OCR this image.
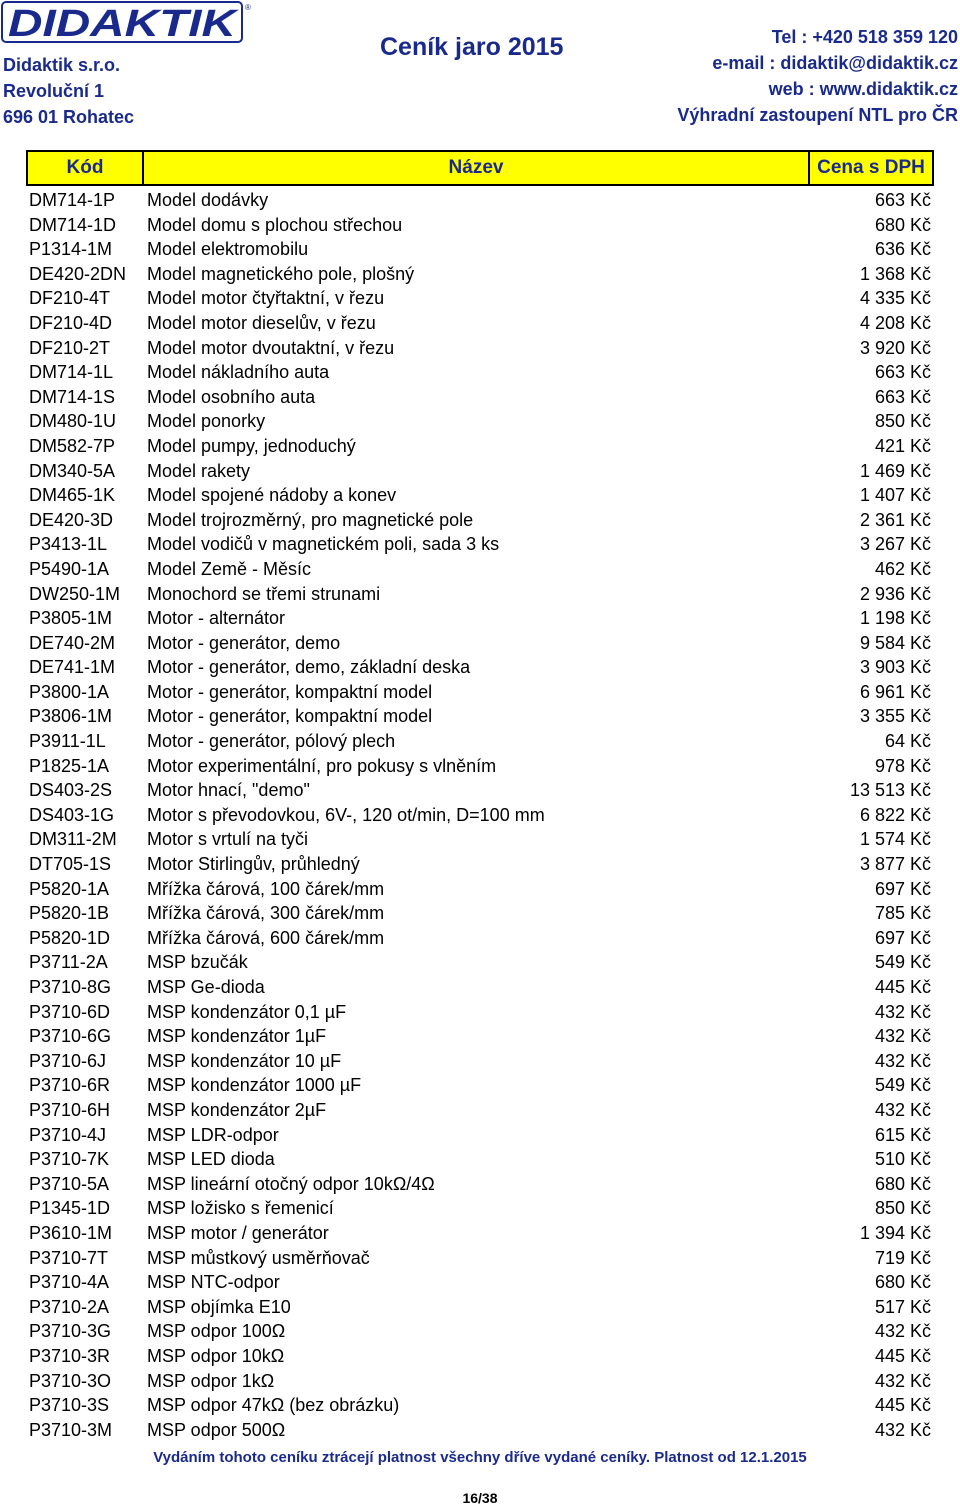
DIDAKTIK ®
Didaktik s.r.o.
Revoluční 1
696 01 Rohatec
Ceník jaro 2015	Tel : +420 518 359 120
e-mail : didaktik@didaktik.cz
web : www.didaktik.cz
Výhradní zastoupení NTL pro ČR
Kód	Název	Cena s DPH
DM714-1P Model dodávky	663 Kč
DM714-1D Model domu s plochou střechou	680 Kč
P1314-1M Model elektromobilu	636 Kč
DE420-2DN Model magnetického pole, plošný	1 368 Kč
DF210-4T Model motor čtyřtaktní, v řezu	4 335 Kč
DF210-4D Model motor dieselův, v řezu	4 208 Kč
DF210-2T Model motor dvoutaktní, v řezu	3 920 Kč
DM714-1L Model nákladního auta	663 Kč
DM714-1S Model osobního auta	663 Kč
DM480-1U Model ponorky	850 Kč
DM582-7P Model pumpy, jednoduchý	421 Kč
DM340-5A Model rakety	1 469 Kč
DM465-1K Model spojené nádoby a konev	1 407 Kč
DE420-3D Model trojrozměrný, pro magnetické pole	2 361 Kč
P3413-1L Model vodičů v magnetickém poli, sada 3 ks	3 267 Kč
P5490-1A Model Země - Měsíc	462 Kč
DW250-1M Monochord se třemi strunami	2 936 Kč
P3805-1M Motor - alternátor	1 198 Kč
DE740-2M Motor - generátor, demo	9 584 Kč
DE741-1M Motor - generátor, demo, základní deska	3 903 Kč
P3800-1A Motor - generátor, kompaktní model	6 961 Kč
P3806-1M Motor - generátor, kompaktní model	3 355 Kč
P3911-1L Motor - generátor, pólový plech	64 Kč
P1825-1A Motor experimentální, pro pokusy s vlněním	978 Kč
DS403-2S Motor hnací, "demo"	13 513 Kč
DS403-1G Motor s převodovkou, 6V-, 120 ot/min, D=100 mm	6 822 Kč
DM311-2M Motor s vrtulí na tyči	1 574 Kč
DT705-1S Motor Stirlingův, průhledný	3 877 Kč
P5820-1A Mřížka čárová, 100 čárek/mm	697 Kč
P5820-1B Mřížka čárová, 300 čárek/mm	785 Kč
P5820-1D Mřížka čárová, 600 čárek/mm	697 Kč
P3711-2A MSP bzučák	549 Kč
P3710-8G MSP Ge-dioda	445 Kč
P3710-6D MSP kondenzátor 0,1 µF	432 Kč
P3710-6G MSP kondenzátor 1µF	432 Kč
P3710-6J MSP kondenzátor 10 µF	432 Kč
P3710-6R MSP kondenzátor 1000 µF	549 Kč
P3710-6H MSP kondenzátor 2µF	432 Kč
P3710-4J MSP LDR-odpor	615 Kč
P3710-7K MSP LED dioda	510 Kč
P3710-5A MSP lineární otočný odpor 10kΩ/4Ω	680 Kč
P1345-1D MSP ložisko s řemenicí	850 Kč
P3610-1M MSP motor / generátor	1 394 Kč
P3710-7T MSP můstkový usměrňovač	719 Kč
P3710-4A MSP NTC-odpor	680 Kč
P3710-2A MSP objímka E10	517 Kč
P3710-3G MSP odpor 100Ω	432 Kč
P3710-3R MSP odpor 10kΩ	445 Kč
P3710-3O MSP odpor 1kΩ	432 Kč
P3710-3S MSP odpor 47kΩ (bez obrázku)	445 Kč
P3710-3M MSP odpor 500Ω	432 Kč
Vydáním tohoto ceníku ztrácejí platnost všechny dříve vydané ceníky. Platnost od 12.1.2015
16/38
